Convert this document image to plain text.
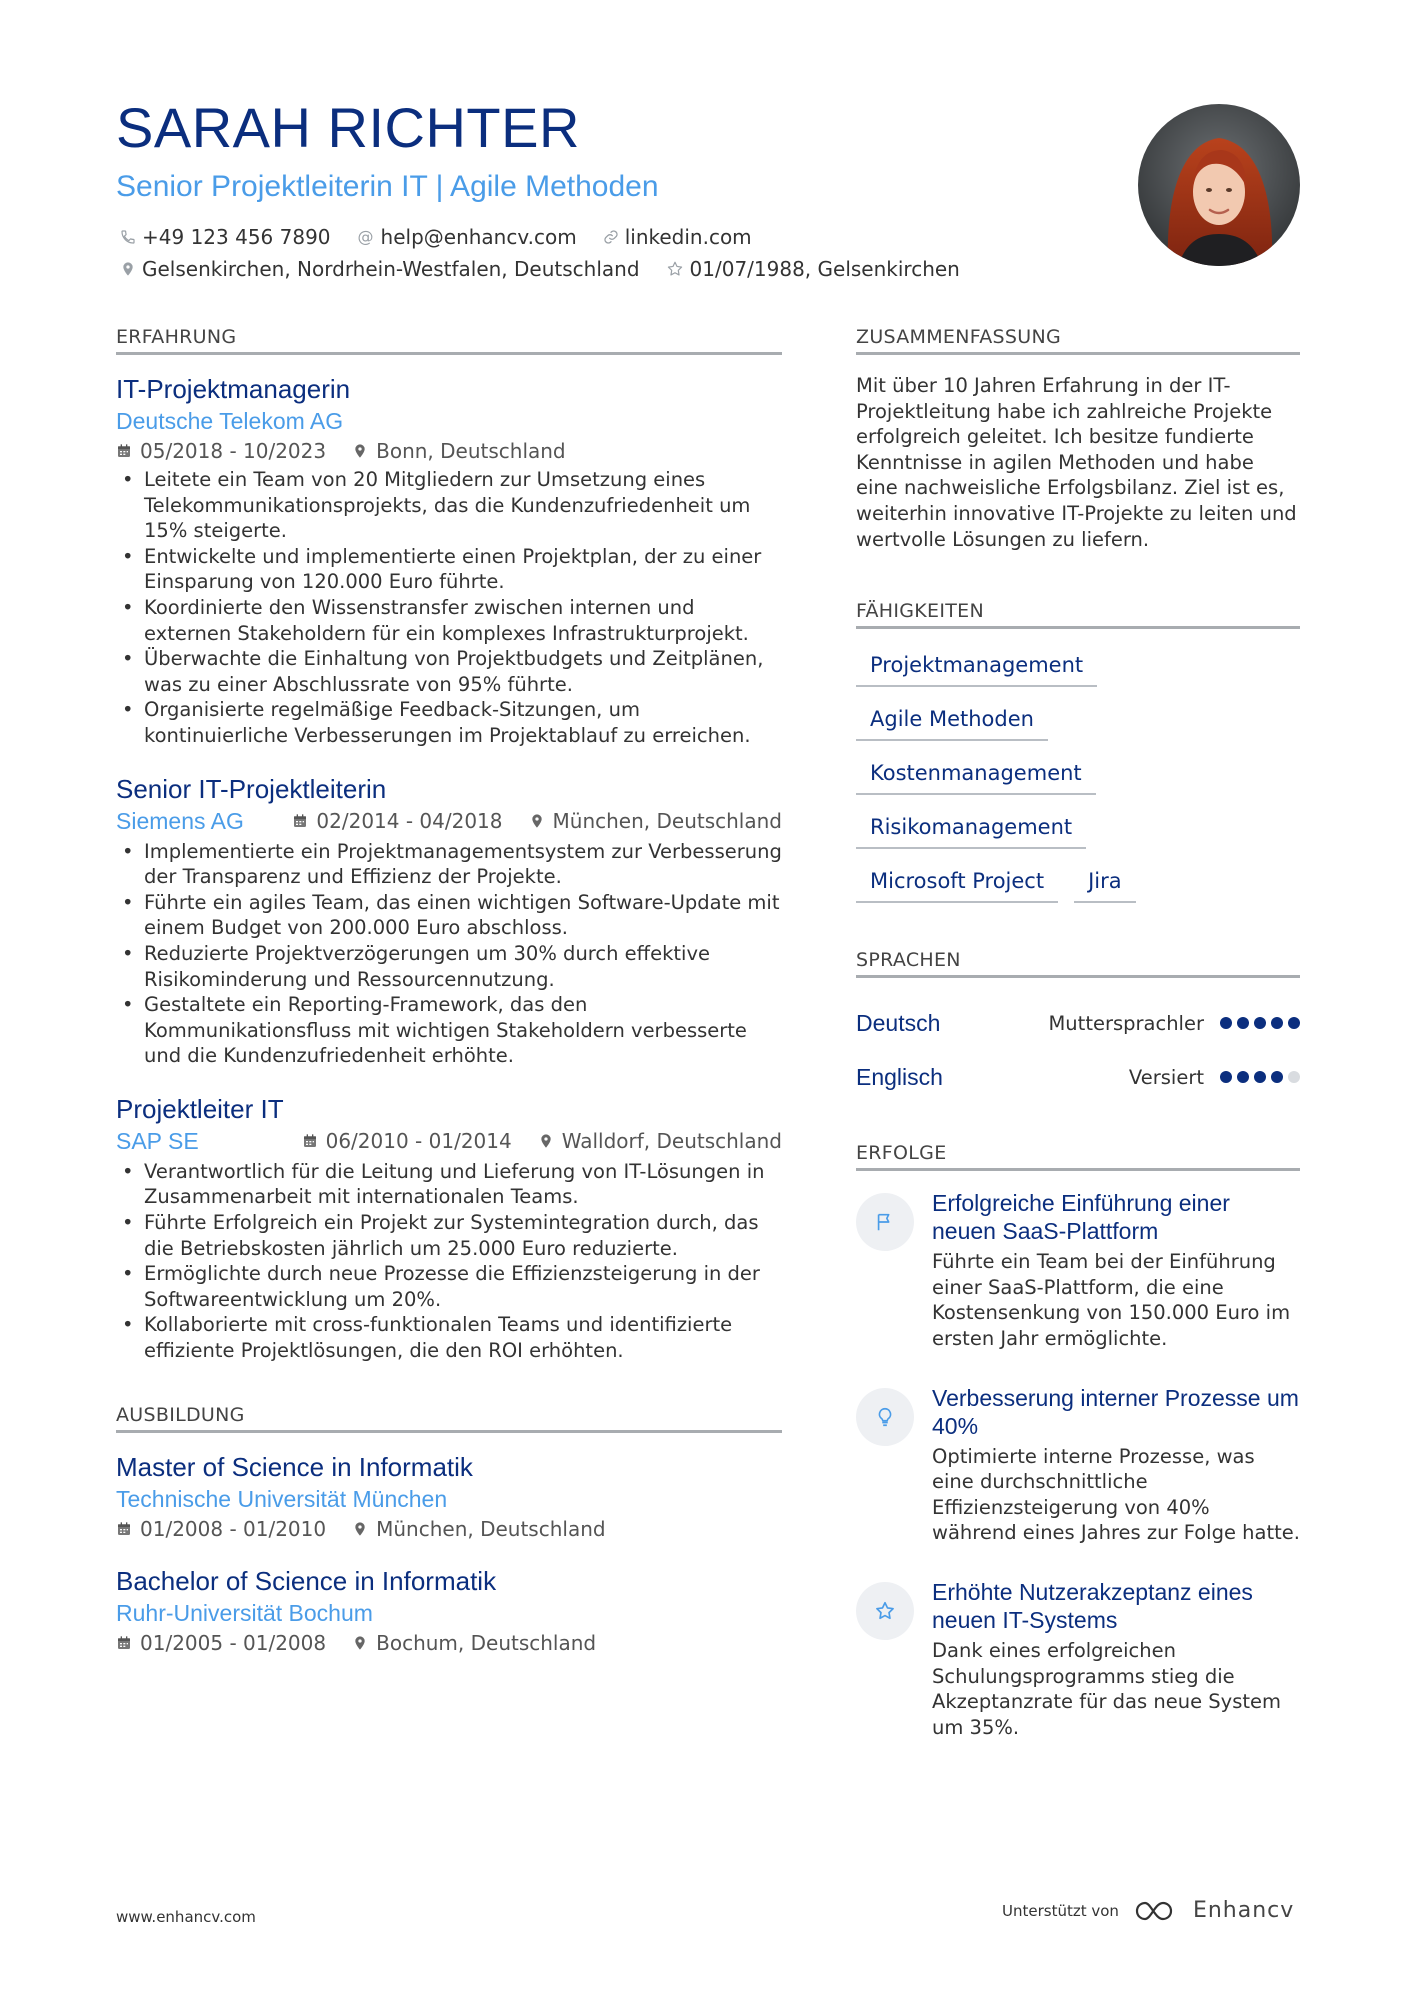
SARAH RICHTER
Senior Projektleiterin IT | Agile Methoden
+49 123 456 7890 @ help@enhancv.com linkedin.com
Gelsenkirchen, Nordrhein-Westfalen, Deutschland	01/07/1988, Gelsenkirchen
ERFAHRUNG
IT-Projektmanagerin
Deutsche Telekom AG
05/2018 - 10/2023	Bonn, Deutschland
• Leitete ein Team von 20 Mitgliedern zur Umsetzung eines Telekommunikationsprojekts, das die Kundenzufriedenheit um 15% steigerte.
• Entwickelte und implementierte einen Projektplan, der zu einer Einsparung von 120.000 Euro führte.
• Koordinierte den Wissenstransfer zwischen internen und externen Stakeholdern für ein komplexes Infrastrukturprojekt.
• Überwachte die Einhaltung von Projektbudgets und Zeitplänen, was zu einer Abschlussrate von 95% führte.
• Organisierte regelmäßige Feedback-Sitzungen, um kontinuierliche Verbesserungen im Projektablauf zu erreichen.
Senior IT-Projektleiterin
Siemens AG	02/2014 - 04/2018	München, Deutschland
• Implementierte ein Projektmanagementsystem zur Verbesserung der Transparenz und Effizienz der Projekte.
• Führte ein agiles Team, das einen wichtigen Software-Update mit einem Budget von 200.000 Euro abschloss.
• Reduzierte Projektverzögerungen um 30% durch effektive Risikominderung und Ressourcennutzung.
• Gestaltete ein Reporting-Framework, das den Kommunikationsfluss mit wichtigen Stakeholdern verbesserte und die Kundenzufriedenheit erhöhte.
Projektleiter IT
SAP SE	06/2010 - 01/2014	Walldorf, Deutschland
• Verantwortlich für die Leitung und Lieferung von IT-Lösungen in Zusammenarbeit mit internationalen Teams.
• Führte Erfolgreich ein Projekt zur Systemintegration durch, das die Betriebskosten jährlich um 25.000 Euro reduzierte.
• Ermöglichte durch neue Prozesse die Effizienzsteigerung in der Softwareentwicklung um 20%.
• Kollaborierte mit cross-funktionalen Teams und identifizierte effiziente Projektlösungen, die den ROI erhöhten.
AUSBILDUNG
Master of Science in Informatik
Technische Universität München
01/2008 - 01/2010	München, Deutschland
Bachelor of Science in Informatik
Ruhr-Universität Bochum
01/2005 - 01/2008	Bochum, Deutschland
ZUSAMMENFASSUNG
Mit über 10 Jahren Erfahrung in der IT-Projektleitung habe ich zahlreiche Projekte erfolgreich geleitet. Ich besitze fundierte Kenntnisse in agilen Methoden und habe eine nachweisliche Erfolgsbilanz. Ziel ist es, weiterhin innovative IT-Projekte zu leiten und wertvolle Lösungen zu liefern.
FÄHIGKEITEN
Projektmanagement
Agile Methoden
Kostenmanagement
Risikomanagement
Microsoft Project	Jira
SPRACHEN
Deutsch	Muttersprachler
Englisch	Versiert
ERFOLGE
Erfolgreiche Einführung einer neuen SaaS-Plattform
Führte ein Team bei der Einführung einer SaaS-Plattform, die eine Kostensenkung von 150.000 Euro im ersten Jahr ermöglichte.
Verbesserung interner Prozesse um 40%
Optimierte interne Prozesse, was eine durchschnittliche Effizienzsteigerung von 40% während eines Jahres zur Folge hatte.
Erhöhte Nutzerakzeptanz eines neuen IT-Systems
Dank eines erfolgreichen Schulungsprogramms stieg die Akzeptanzrate für das neue System um 35%.
www.enhancv.com	Unterstützt von	Enhancv
